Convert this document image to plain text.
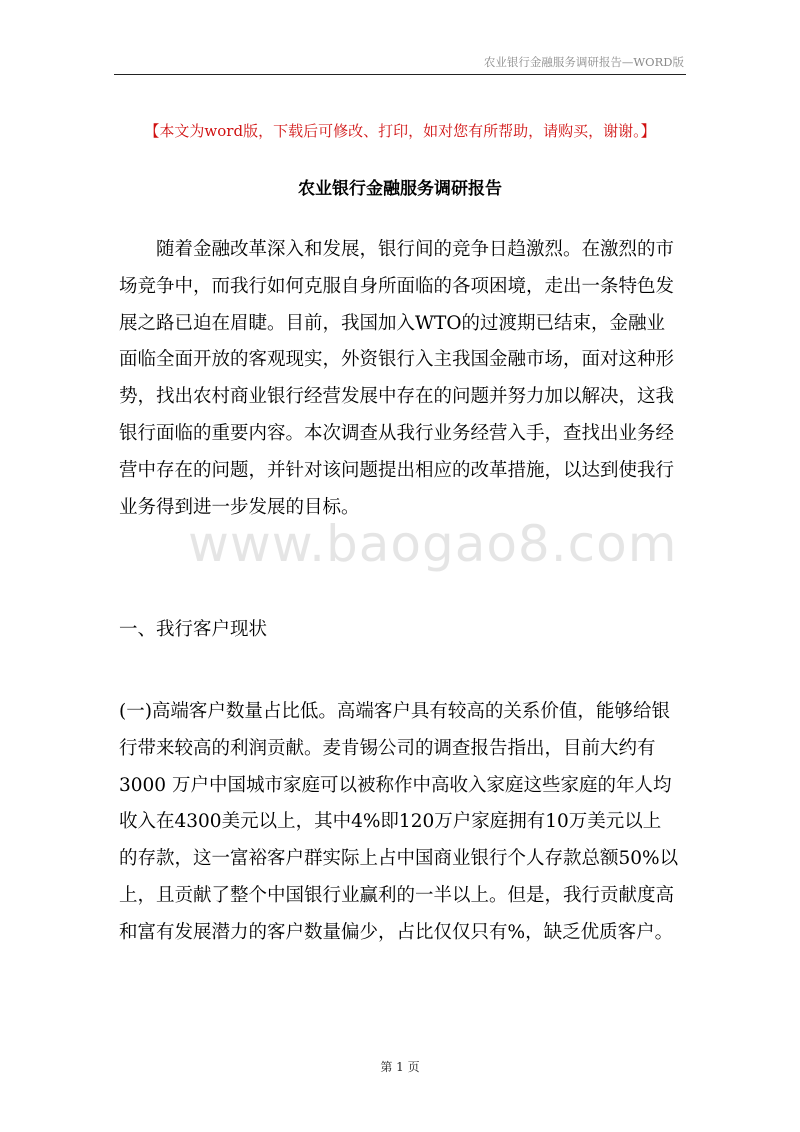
农业银行金融服务调研报告—WORD版
【本文为word版，下载后可修改、打印，如对您有所帮助，请购买，谢谢。】
农业银行金融服务调研报告
随着金融改革深入和发展，银行间的竞争日趋激烈。在激烈的市
场竞争中，而我行如何克服自身所面临的各项困境，走出一条特色发
展之路已迫在眉睫。目前，我国加入WTO的过渡期已结束，金融业
面临全面开放的客观现实，外资银行入主我国金融市场，面对这种形
势，找出农村商业银行经营发展中存在的问题并努力加以解决，这我
银行面临的重要内容。本次调查从我行业务经营入手，查找出业务经
营中存在的问题，并针对该问题提出相应的改革措施，以达到使我行
业务得到进一步发展的目标。
www.baogao8.com
一、我行客户现状
(一)高端客户数量占比低。高端客户具有较高的关系价值，能够给银
行带来较高的利润贡献。麦肯锡公司的调查报告指出，目前大约有
3000 万户中国城市家庭可以被称作中高收入家庭这些家庭的年人均
收入在4300美元以上，其中4%即120万户家庭拥有10万美元以上
的存款，这一富裕客户群实际上占中国商业银行个人存款总额50%以
上，且贡献了整个中国银行业赢利的一半以上。但是，我行贡献度高
和富有发展潜力的客户数量偏少，占比仅仅只有%，缺乏优质客户。
第 1 页
